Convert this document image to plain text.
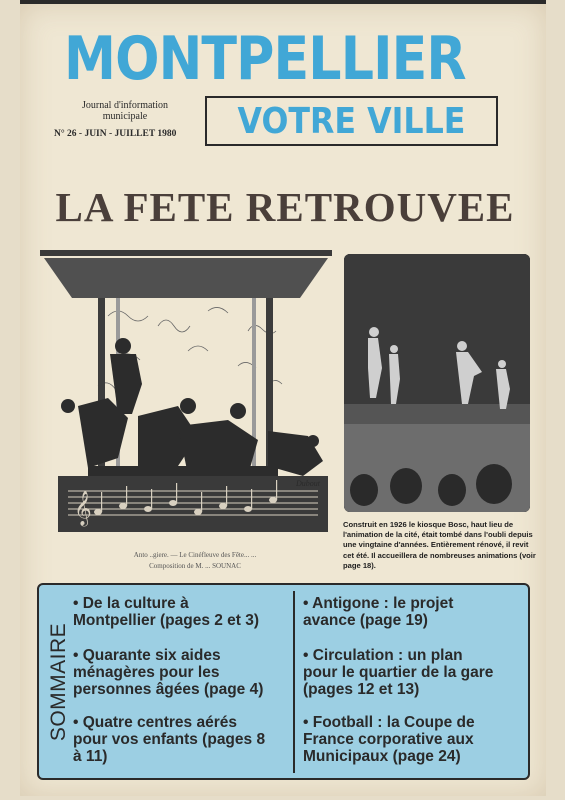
MONTPELLIER
Journal d'information
municipale
N° 26 - JUIN - JUILLET 1980	VOTRE VILLE
LA FETE RETROUVEE
𝄞
Dubout
Anto ..giere. — Le Cinéfleuve des Fête... ...
Composition de M. ... SOUNAC
Construit en 1926 le kiosque Bosc, haut lieu de l'animation de la cité, était tombé dans l'oubli depuis une vingtaine d'années. Entièrement rénové, il revit cet été. Il accueillera de nombreuses animations (voir page 18).
SOMMAIRE
• De la culture à
Montpellier (pages 2 et 3)
• Quarante six aides
ménagères pour les
personnes âgées (page 4)
• Quatre centres aérés
pour vos enfants (pages 8
à 11)
• Antigone : le projet
avance (page 19)
• Circulation : un plan
pour le quartier de la gare
(pages 12 et 13)
• Football : la Coupe de
France corporative aux
Municipaux (page 24)
